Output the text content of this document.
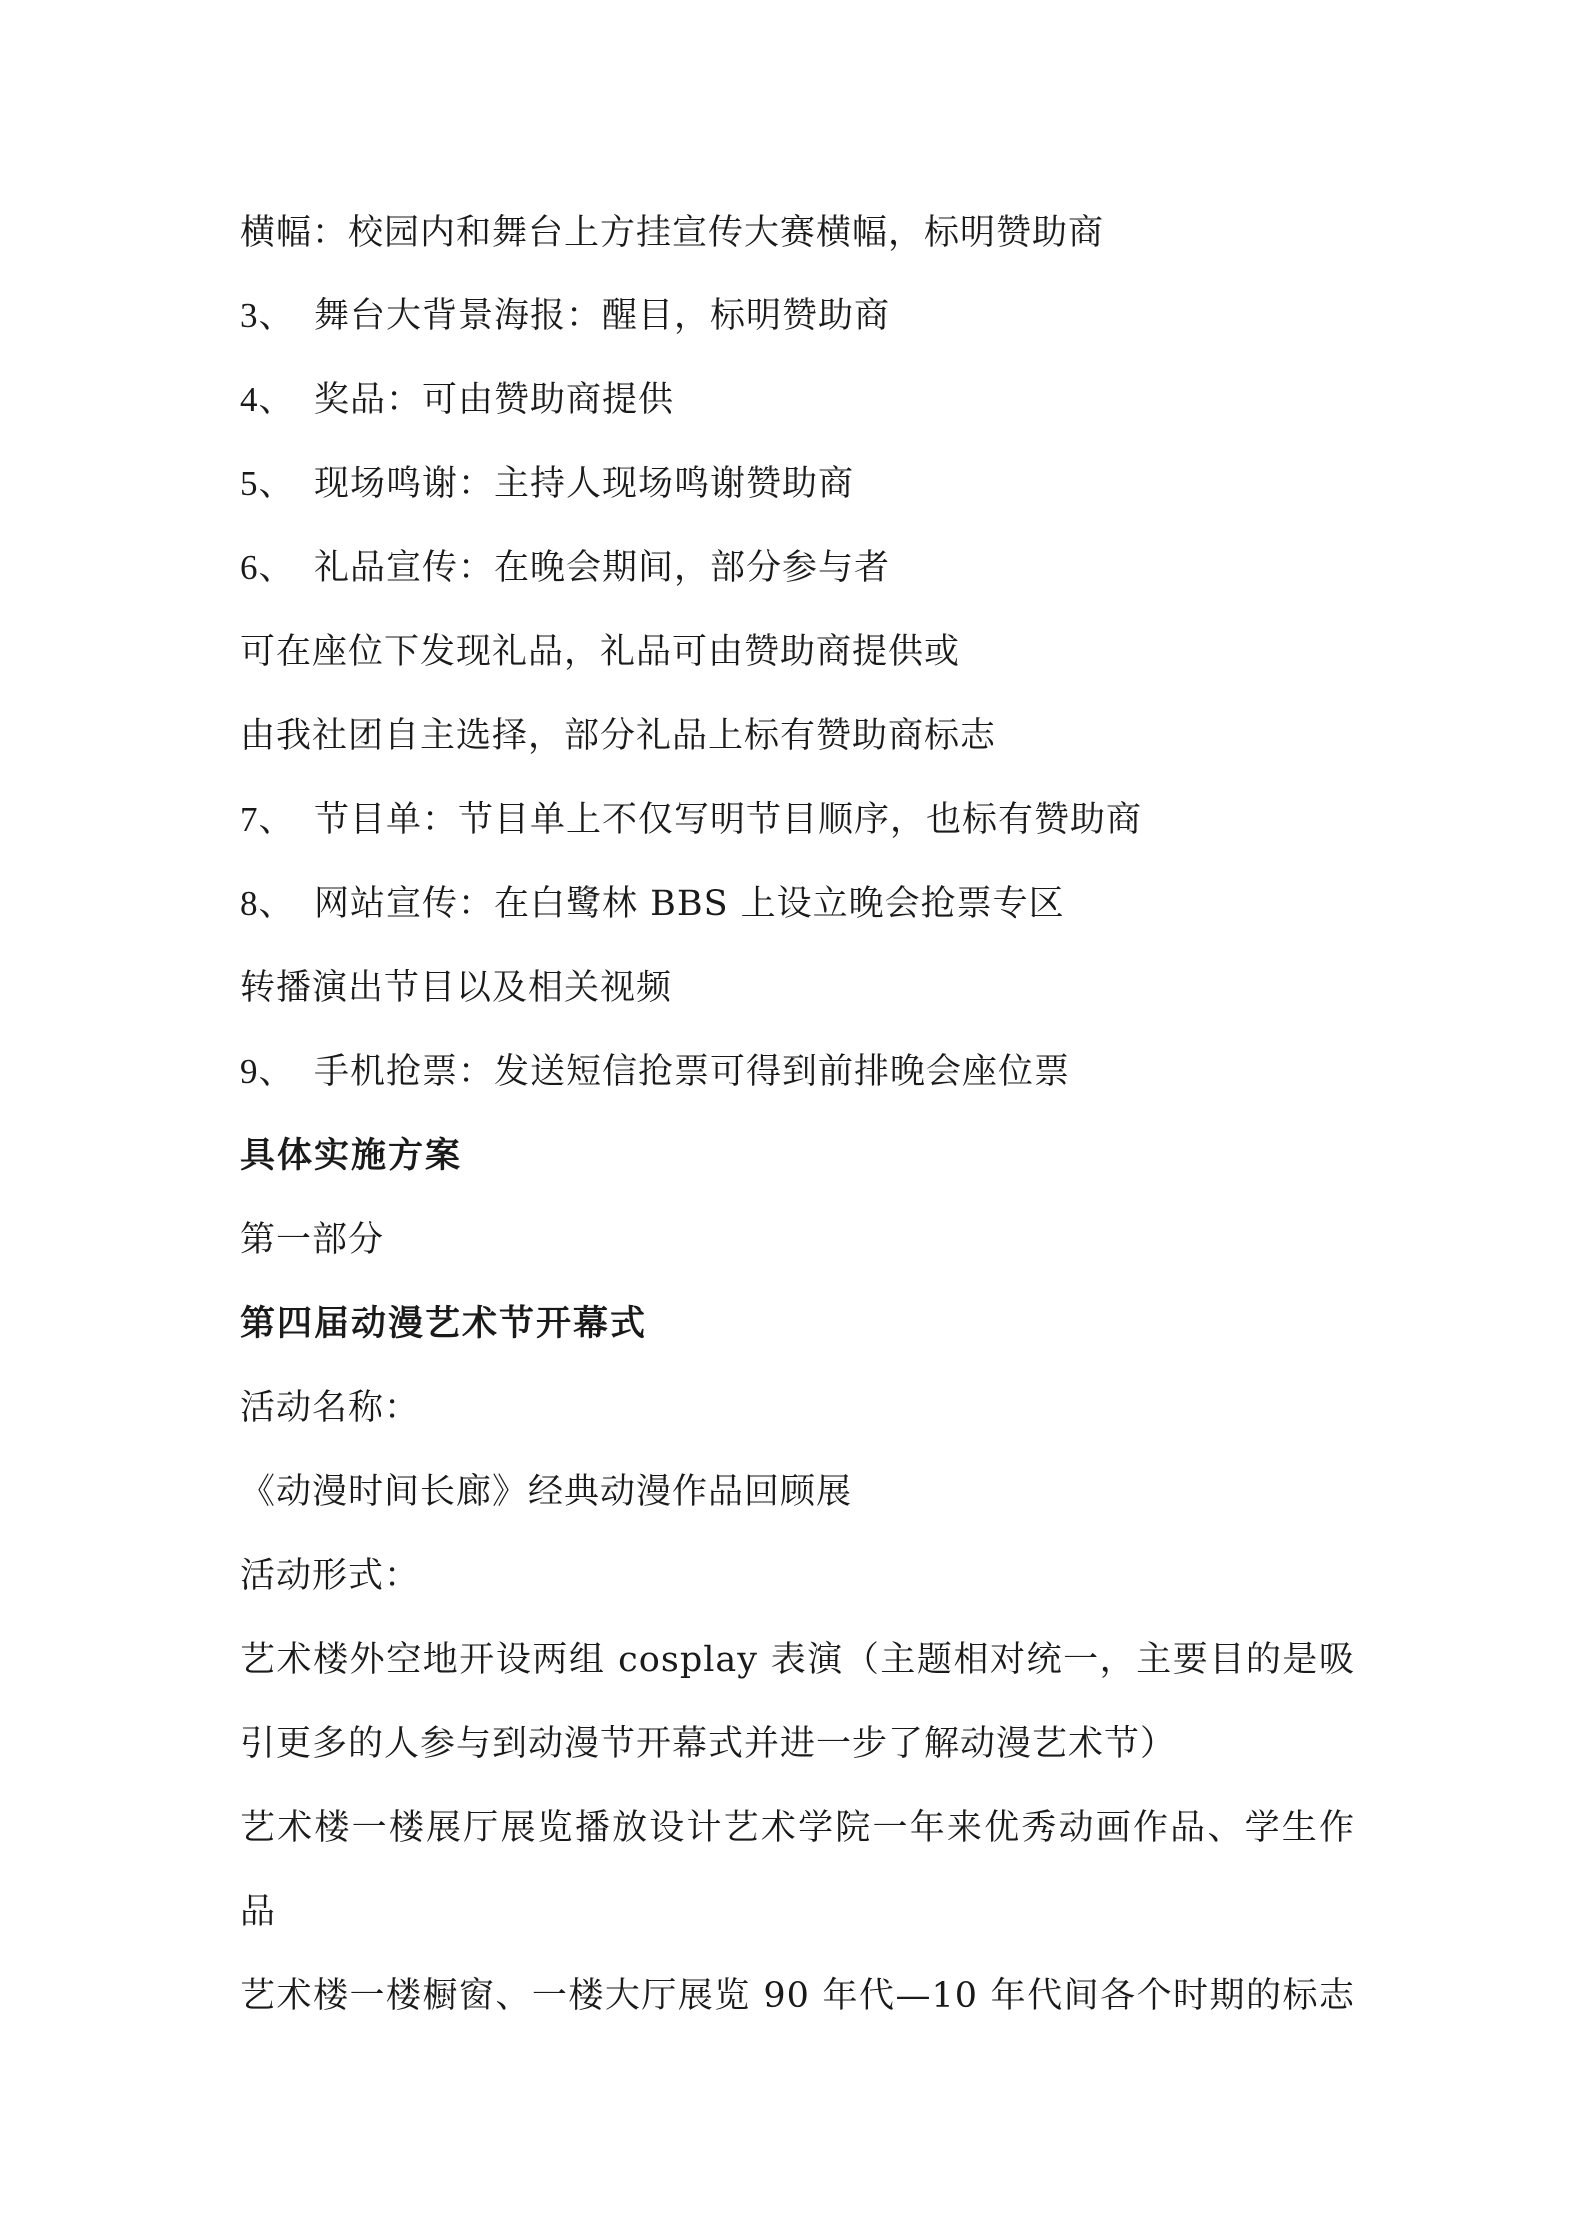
横幅：校园内和舞台上方挂宣传大赛横幅，标明赞助商
3、 舞台大背景海报：醒目，标明赞助商
4、 奖品：可由赞助商提供
5、 现场鸣谢：主持人现场鸣谢赞助商
6、 礼品宣传：在晚会期间，部分参与者
可在座位下发现礼品，礼品可由赞助商提供或
由我社团自主选择，部分礼品上标有赞助商标志
7、 节目单：节目单上不仅写明节目顺序，也标有赞助商
8、 网站宣传：在白鹭林 BBS 上设立晚会抢票专区
转播演出节目以及相关视频
9、 手机抢票：发送短信抢票可得到前排晚会座位票
具体实施方案
第一部分
第四届动漫艺术节开幕式
活动名称：
《动漫时间长廊》经典动漫作品回顾展
活动形式：
艺术楼外空地开设两组 cosplay 表演（主题相对统一，主要目的是吸
引更多的人参与到动漫节开幕式并进一步了解动漫艺术节）
艺术楼一楼展厅展览播放设计艺术学院一年来优秀动画作品、学生作
品
艺术楼一楼橱窗、一楼大厅展览 90 年代—10 年代间各个时期的标志
